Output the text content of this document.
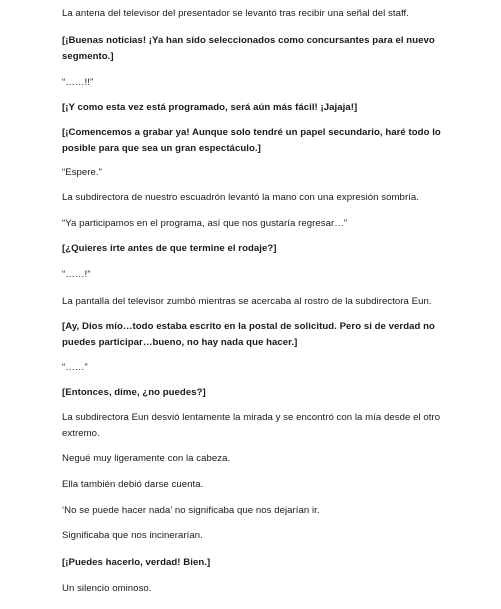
La antena del televisor del presentador se levantó tras recibir una señal del staff.

[¡Buenas noticias! ¡Ya han sido seleccionados como concursantes para el nuevo segmento.]

“……!!”

[¡Y como esta vez está programado, será aún más fácil! ¡Jajaja!]

[¡Comencemos a grabar ya! Aunque solo tendré un papel secundario, haré todo lo posible para que sea un gran espectáculo.]

“Espere.”

La subdirectora de nuestro escuadrón levantó la mano con una expresión sombría.

“Ya participamos en el programa, así que nos gustaría regresar…”

[¿Quieres irte antes de que termine el rodaje?]

“……!”

La pantalla del televisor zumbó mientras se acercaba al rostro de la subdirectora Eun.

[Ay, Dios mío…todo estaba escrito en la postal de solicitud. Pero si de verdad no puedes participar…bueno, no hay nada que hacer.]

“……”

[Entonces, dime, ¿no puedes?]

La subdirectora Eun desvió lentamente la mirada y se encontró con la mía desde el otro extremo.

Negué muy ligeramente con la cabeza.

Ella también debió darse cuenta.

‘No se puede hacer nada’ no significaba que nos dejarían ir.

Significaba que nos incinerarían.

[¡Puedes hacerlo, verdad! Bien.]

Un silencio ominoso.
